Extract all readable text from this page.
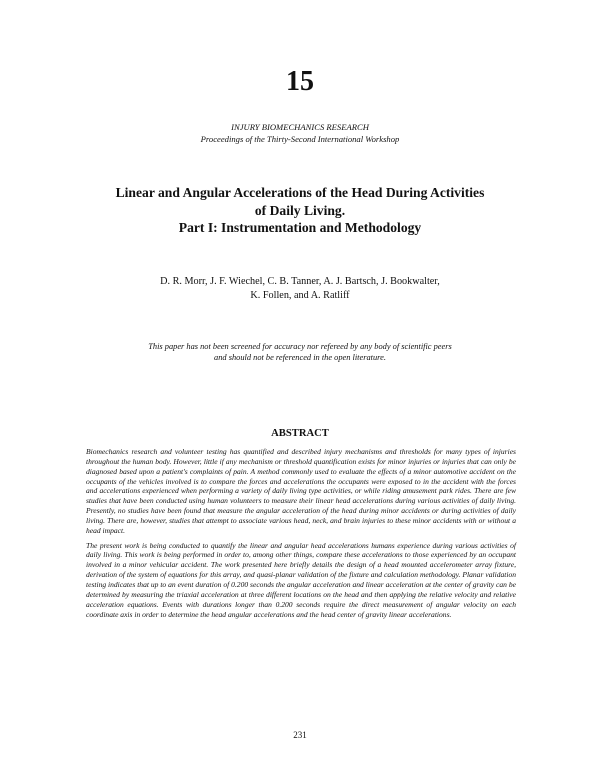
15
INJURY BIOMECHANICS RESEARCH
Proceedings of the Thirty-Second International Workshop
Linear and Angular Accelerations of the Head During Activities
of Daily Living.
Part I: Instrumentation and Methodology
D. R. Morr, J. F. Wiechel, C. B. Tanner, A. J. Bartsch, J. Bookwalter,
K. Follen, and A. Ratliff
This paper has not been screened for accuracy nor refereed by any body of scientific peers
and should not be referenced in the open literature.
ABSTRACT

Biomechanics research and volunteer testing has quantified and described injury mechanisms and thresholds for many types of injuries throughout the human body. However, little if any mechanism or threshold quantification exists for minor injuries or injuries that can only be diagnosed based upon a patient's complaints of pain. A method commonly used to evaluate the effects of a minor automotive accident on the occupants of the vehicles involved is to compare the forces and accelerations the occupants were exposed to in the accident with the forces and accelerations experienced when performing a variety of daily living type activities, or while riding amusement park rides. There are few studies that have been conducted using human volunteers to measure their linear head accelerations during various activities of daily living. Presently, no studies have been found that measure the angular acceleration of the head during minor accidents or during activities of daily living. There are, however, studies that attempt to associate various head, neck, and brain injuries to these minor accidents with or without a head impact.

The present work is being conducted to quantify the linear and angular head accelerations humans experience during various activities of daily living. This work is being performed in order to, among other things, compare these accelerations to those experienced by an occupant involved in a minor vehicular accident. The work presented here briefly details the design of a head mounted accelerometer array fixture, derivation of the system of equations for this array, and quasi-planar validation of the fixture and calculation methodology. Planar validation testing indicates that up to an event duration of 0.200 seconds the angular acceleration and linear acceleration at the center of gravity can be determined by measuring the triaxial acceleration at three different locations on the head and then applying the relative velocity and relative acceleration equations. Events with durations longer than 0.200 seconds require the direct measurement of angular velocity on each coordinate axis in order to determine the head angular accelerations and the head center of gravity linear accelerations.

231
